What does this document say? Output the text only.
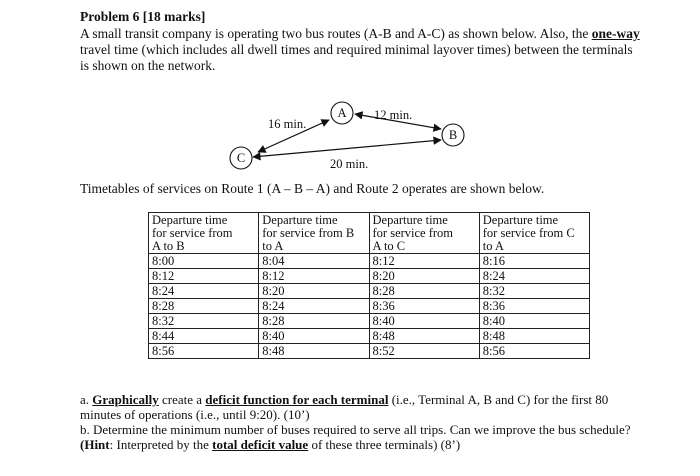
Problem 6 [18 marks]
A small transit company is operating two bus routes (A-B and A-C) as shown below. Also, the one-way travel time (which includes all dwell times and required minimal layover times) between the terminals is shown on the network.
A
B
C
16 min.
12 min.
20 min.
Timetables of services on Route 1 (A – B – A) and Route 2 operates are shown below.
Departure time
for service from
A to B	Departure time
for service from B
to A	Departure time
for service from
A to C	Departure time
for service from C
to A
8:00	8:04	8:12	8:16
8:12	8:12	8:20	8:24
8:24	8:20	8:28	8:32
8:28	8:24	8:36	8:36
8:32	8:28	8:40	8:40
8:44	8:40	8:48	8:48
8:56	8:48	8:52	8:56
a. Graphically create a deficit function for each terminal (i.e., Terminal A, B and C) for the first 80 minutes of operations (i.e., until 9:20). (10’)
b. Determine the minimum number of buses required to serve all trips. Can we improve the bus schedule? (Hint: Interpreted by the total deficit value of these three terminals) (8’)
